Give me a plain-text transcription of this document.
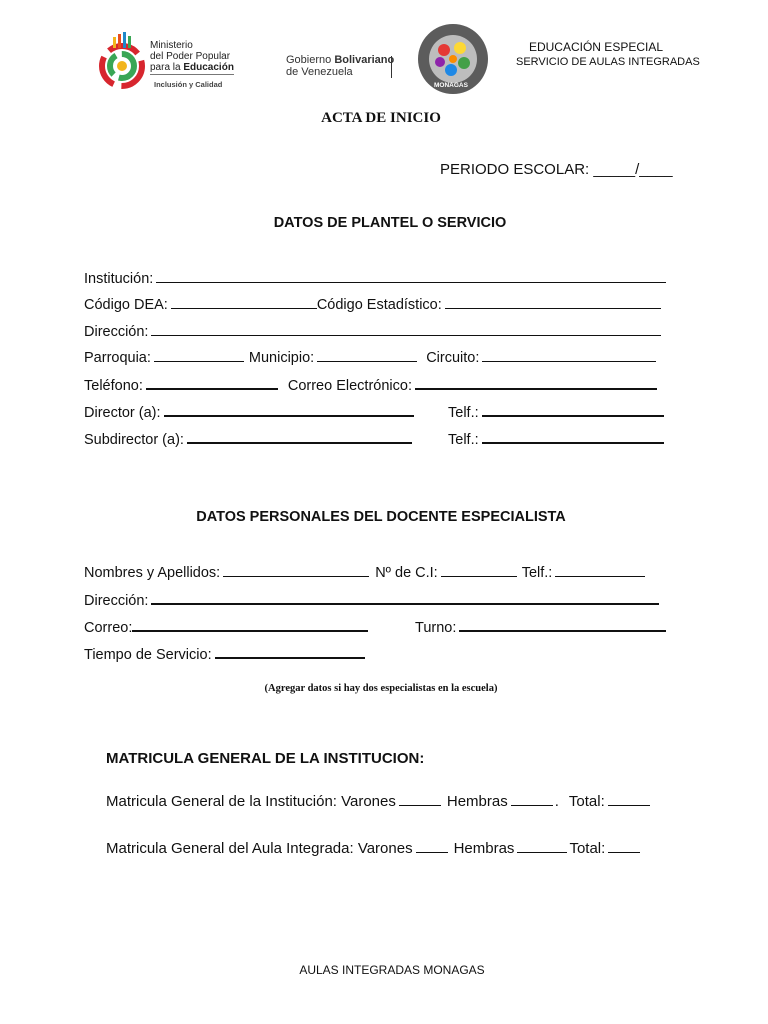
Ministerio
del Poder Popular
para la Educación
Inclusión y Calidad
Gobierno Bolivariano
de Venezuela
MONAGAS
EDUCACIÓN ESPECIAL
SERVICIO DE AULAS INTEGRADAS
ACTA DE INICIO
PERIODO ESCOLAR: _____/____
DATOS DE PLANTEL O SERVICIO
Institución:
Código DEA:	Código Estadístico:
Dirección:
Parroquia:	Municipio:	Circuito:
Teléfono:	Correo Electrónico:
Director (a):	Telf.:
Subdirector (a):	Telf.:
DATOS PERSONALES DEL DOCENTE ESPECIALISTA
Nombres y Apellidos:	Nº de C.I:	Telf.:
Dirección:
Correo:	Turno:
Tiempo de Servicio:
(Agregar datos si hay dos especialistas en la escuela)
MATRICULA GENERAL DE LA INSTITUCION:
Matricula General de la Institución: Varones	Hembras	. Total:
Matricula General del Aula Integrada: Varones	Hembras	Total:
AULAS INTEGRADAS MONAGAS
